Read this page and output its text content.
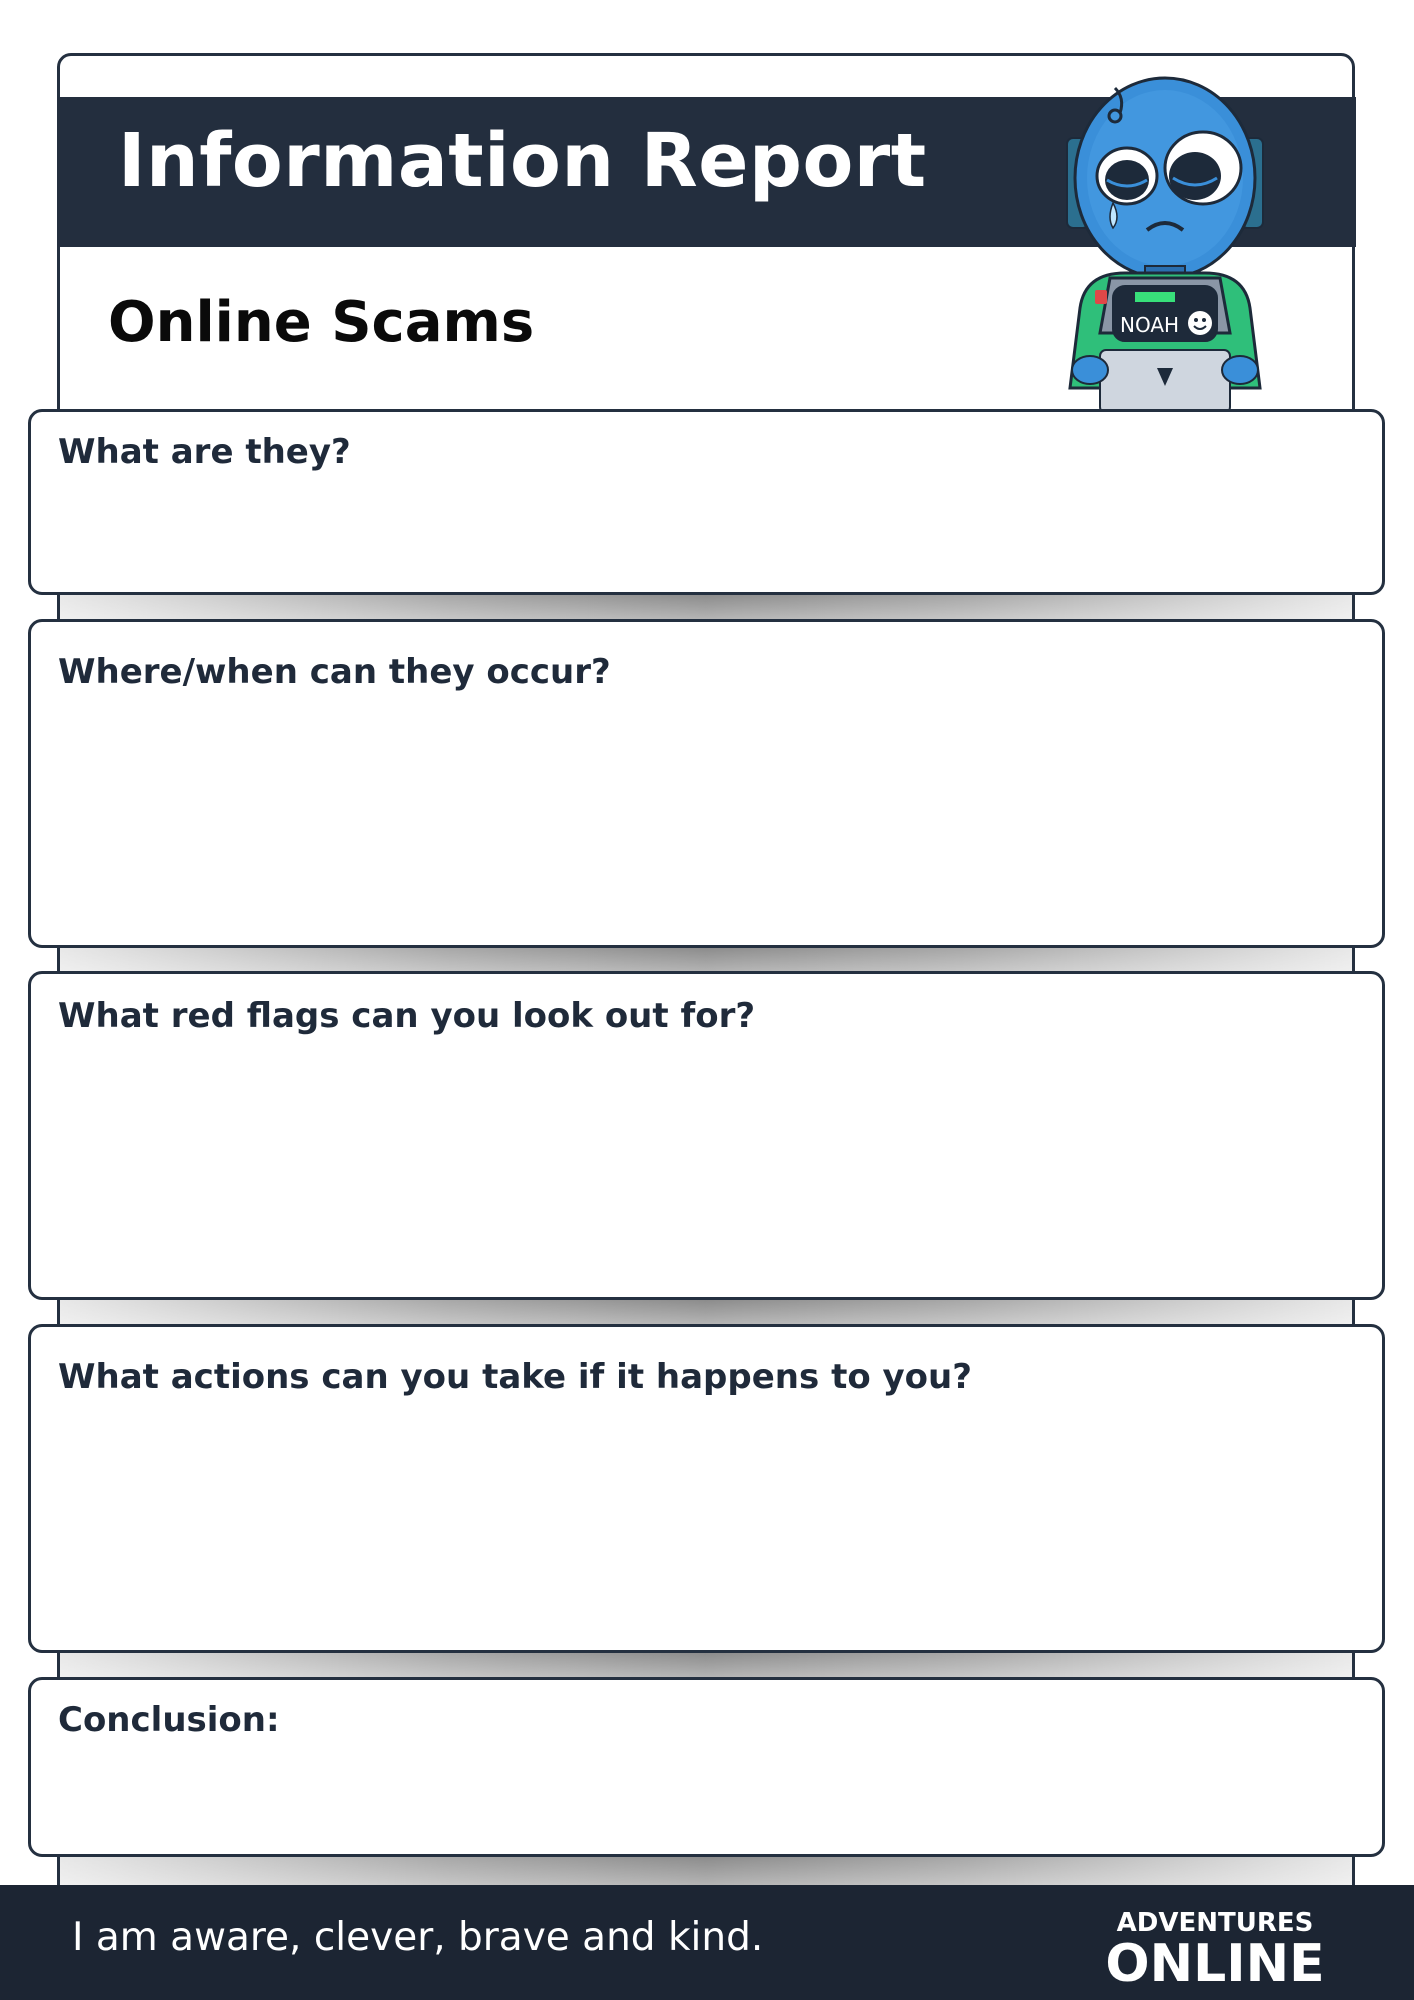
Information Report
Online Scams	NOAH
What are they?
Where/when can they occur?
What red flags can you look out for?
What actions can you take if it happens to you?
Conclusion:
I am aware, clever, brave and kind.	ADVENTURES
ONLINE
